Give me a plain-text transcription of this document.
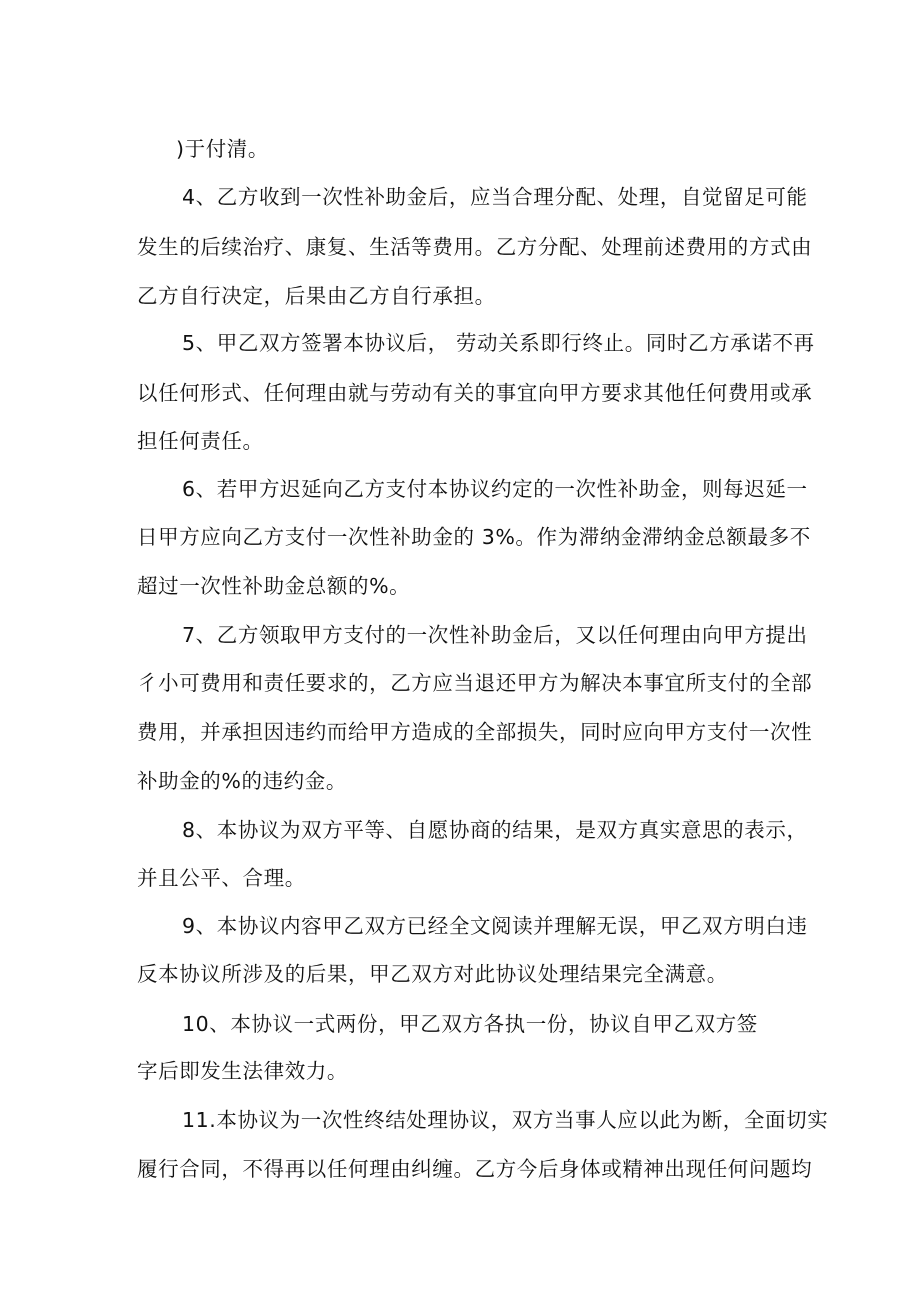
)于付清。
4、乙方收到一次性补助金后，应当合理分配、处理，自觉留足可能
发生的后续治疗、康复、生活等费用。乙方分配、处理前述费用的方式由
乙方自行决定，后果由乙方自行承担。
5、甲乙双方签署本协议后， 劳动关系即行终止。同时乙方承诺不再
以任何形式、任何理由就与劳动有关的事宜向甲方要求其他任何费用或承
担任何责任。
6、若甲方迟延向乙方支付本协议约定的一次性补助金，则每迟延一
日甲方应向乙方支付一次性补助金的 3%。作为滞纳金滞纳金总额最多不
超过一次性补助金总额的%。
7、乙方领取甲方支付的一次性补助金后，又以任何理由向甲方提出
彳小可费用和责任要求的，乙方应当退还甲方为解决本事宜所支付的全部
费用，并承担因违约而给甲方造成的全部损失，同时应向甲方支付一次性
补助金的%的违约金。
8、本协议为双方平等、自愿协商的结果，是双方真实意思的表示，
并且公平、合理。
9、本协议内容甲乙双方已经全文阅读并理解无误，甲乙双方明白违
反本协议所涉及的后果，甲乙双方对此协议处理结果完全满意。
10、本协议一式两份，甲乙双方各执一份，协议自甲乙双方签
字后即发生法律效力。
11.本协议为一次性终结处理协议，双方当事人应以此为断，全面切实
履行合同，不得再以任何理由纠缠。乙方今后身体或精神出现任何问题均
